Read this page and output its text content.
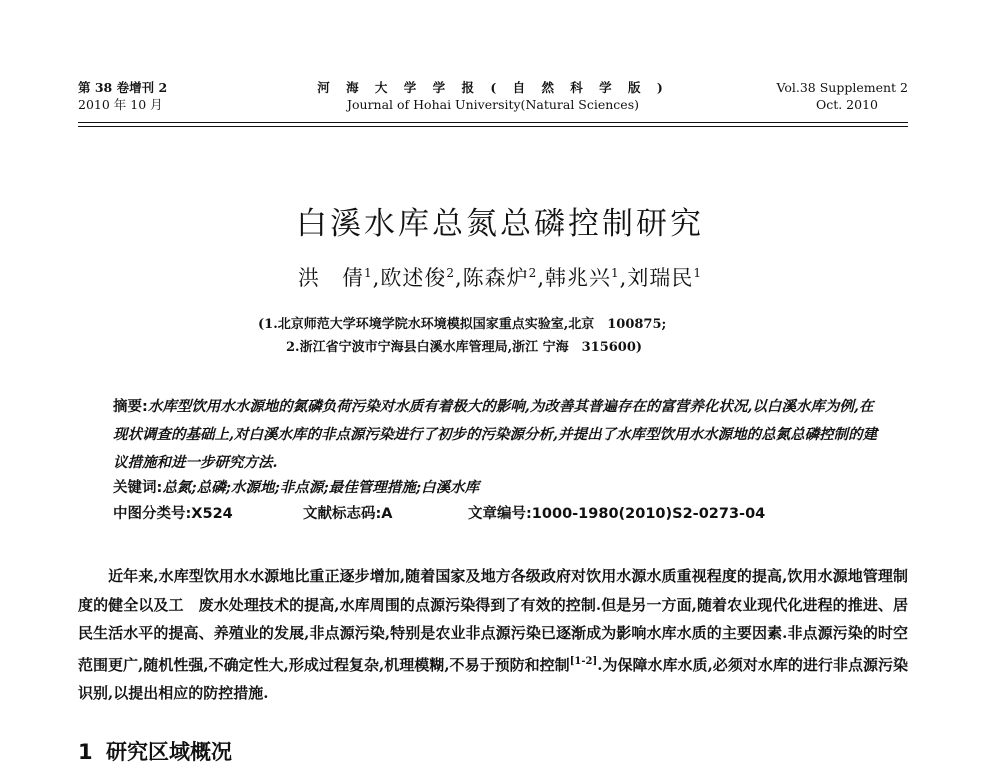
第 38 卷增刊 2
2010 年 10 月
河 海 大 学 学 报 ( 自 然 科 学 版 )
Journal of Hohai University(Natural Sciences)
Vol.38 Supplement 2
Oct. 2010
白溪水库总氮总磷控制研究
洪　倩$^1$,欧述俊$^2$,陈森炉$^2$,韩兆兴$^1$,刘瑞民$^1$
(1.北京师范大学环境学院水环境模拟国家重点实验室,北京　100875;
2.浙江省宁波市宁海县白溪水库管理局,浙江 宁海　315600)
摘要:水库型饮用水水源地的氮磷负荷污染对水质有着极大的影响,为改善其普遍存在的富营养化状况,以白溪水库为例,在现状调查的基础上,对白溪水库的非点源污染进行了初步的污染源分析,并提出了水库型饮用水水源地的总氮总磷控制的建议措施和进一步研究方法.
关键词:总氮;总磷;水源地;非点源;最佳管理措施;白溪水库
中图分类号:X524	文献标志码:A	文章编号:1000-1980(2010)S2-0273-04
近年来,水库型饮用水水源地比重正逐步增加,随着国家及地方各级政府对饮用水源水质重视程度的提高,饮用水源地管理制度的健全以及工　废水处理技术的提高,水库周围的点源污染得到了有效的控制.但是另一方面,随着农业现代化进程的推进、居民生活水平的提高、养殖业的发展,非点源污染,特别是农业非点源污染已逐渐成为影响水库水质的主要因素.非点源污染的时空范围更广,随机性强,不确定性大,形成过程复杂,机理模糊,不易于预防和控制[1-2].为保障水库水质,必须对水库的进行非点源污染识别,以提出相应的防控措施.
1 研究区域概况
